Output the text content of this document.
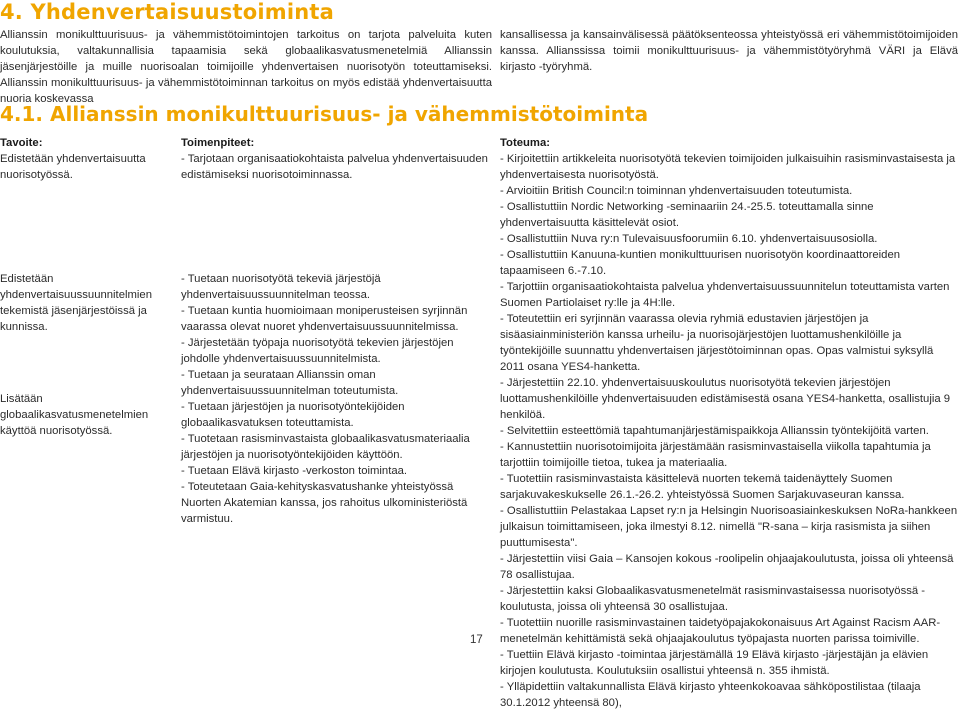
4. Yhdenvertaisuustoiminta

Allianssin monikulttuurisuus- ja vähemmistötoimintojen tarkoitus on tarjota palveluita kuten koulutuksia, valtakunnallisia tapaamisia sekä globaalikasvatusmenetelmiä Allianssin jäsenjärjestöille ja muille nuorisoalan toimijoille yhdenvertaisen nuorisotyön toteuttamiseksi. Allianssin monikulttuurisuus- ja vähemmistötoiminnan tarkoitus on myös edistää yhdenvertaisuutta nuoria koskevassa

kansallisessa ja kansainvälisessä päätöksenteossa yhteistyössä eri vähemmistötoimijoiden kanssa. Allianssissa toimii monikulttuurisuus- ja vähemmistötyöryhmä VÄRI ja Elävä kirjasto -työryhmä.

4.1. Allianssin monikulttuurisuus- ja vähemmistötoiminta

Tavoite:

Edistetään yhdenvertaisuutta nuorisotyössä.

Edistetään yhdenvertaisuussuunnitelmien tekemistä jäsenjärjestöissä ja kunnissa.

Lisätään globaalikasvatusmenetelmien käyttöä nuorisotyössä.

Toimenpiteet:

- Tarjotaan organisaatiokohtaista palvelua yhdenvertaisuuden edistämiseksi nuorisotoiminnassa.

- Tuetaan nuorisotyötä tekeviä järjestöjä yhdenvertaisuussuunnitelman teossa.
- Tuetaan kuntia huomioimaan moniperusteisen syrjinnän vaarassa olevat nuoret yhdenvertaisuussuunnitelmissa.
- Järjestetään työpaja nuorisotyötä tekevien järjestöjen johdolle yhdenvertaisuussuunnitelmista.
- Tuetaan ja seurataan Allianssin oman yhdenvertaisuussuunnitelman toteutumista.
- Tuetaan järjestöjen ja nuorisotyöntekijöiden globaalikasvatuksen toteuttamista.
- Tuotetaan rasisminvastaista globaalikasvatusmateriaalia järjestöjen ja nuorisotyöntekijöiden käyttöön.
- Tuetaan Elävä kirjasto -verkoston toimintaa.
- Toteutetaan Gaia-kehityskasvatushanke yhteistyössä Nuorten Akatemian kanssa, jos rahoitus ulkoministeriöstä varmistuu.

Toteuma:

- Kirjoitettiin artikkeleita nuorisotyötä tekevien toimijoiden julkaisuihin rasisminvastaisesta ja yhdenvertaisesta nuorisotyöstä.
- Arvioitiin British Council:n toiminnan yhdenvertaisuuden toteutumista.
- Osallistuttiin Nordic Networking -seminaariin 24.-25.5. toteuttamalla sinne yhdenvertaisuutta käsittelevät osiot.
- Osallistuttiin Nuva ry:n Tulevaisuusfoorumiin 6.10. yhdenvertaisuusosiolla.
- Osallistuttiin Kanuuna-kuntien monikulttuurisen nuorisotyön koordinaattoreiden tapaamiseen 6.-7.10.
- Tarjottiin organisaatiokohtaista palvelua yhdenvertaisuussuunnitelun toteuttamista varten Suomen Partiolaiset ry:lle ja 4H:lle.
- Toteutettiin eri syrjinnän vaarassa olevia ryhmiä edustavien järjestöjen ja sisäasiainministeriön kanssa urheilu- ja nuorisojärjestöjen luottamushenkilöille ja työntekijöille suunnattu yhdenvertaisen järjestötoiminnan opas. Opas valmistui syksyllä 2011 osana YES4-hanketta.
- Järjestettiin 22.10. yhdenvertaisuuskoulutus nuorisotyötä tekevien järjestöjen luottamushenkilöille yhdenvertaisuuden edistämisestä osana YES4-hanketta, osallistujia 9 henkilöä.
- Selvitettiin esteettömiä tapahtumanjärjestämispaikkoja Allianssin työntekijöitä varten.
- Kannustettiin nuorisotoimijoita järjestämään rasisminvastaisella viikolla tapahtumia ja tarjottiin toimijoille tietoa, tukea ja materiaalia.
- Tuotettiin rasisminvastaista käsittelevä nuorten tekemä taidenäyttely Suomen sarjakuvakeskukselle 26.1.-26.2. yhteistyössä Suomen Sarjakuvaseuran kanssa.
- Osallistuttiin Pelastakaa Lapset ry:n ja Helsingin Nuorisoasiainkeskuksen NoRa-hankkeen julkaisun toimittamiseen, joka ilmestyi 8.12. nimellä "R-sana – kirja rasismista ja siihen puuttumisesta".
- Järjestettiin viisi Gaia – Kansojen kokous -roolipelin ohjaajakoulutusta, joissa oli yhteensä 78 osallistujaa.
- Järjestettiin kaksi Globaalikasvatusmenetelmät rasisminvastaisessa nuorisotyössä -koulutusta, joissa oli yhteensä 30 osallistujaa.
- Tuotettiin nuorille rasisminvastainen taidetyöpajakokonaisuus Art Against Racism AAR-menetelmän kehittämistä sekä ohjaajakoulutus työpajasta nuorten parissa toimiville.
- Tuettiin Elävä kirjasto -toimintaa järjestämällä 19 Elävä kirjasto -järjestäjän ja elävien kirjojen koulutusta. Koulutuksiin osallistui yhteensä n. 355 ihmistä.
- Ylläpidettiin valtakunnallista Elävä kirjasto yhteenkokoavaa sähköpostilistaa (tilaaja 30.1.2012 yhteensä 80),
17
